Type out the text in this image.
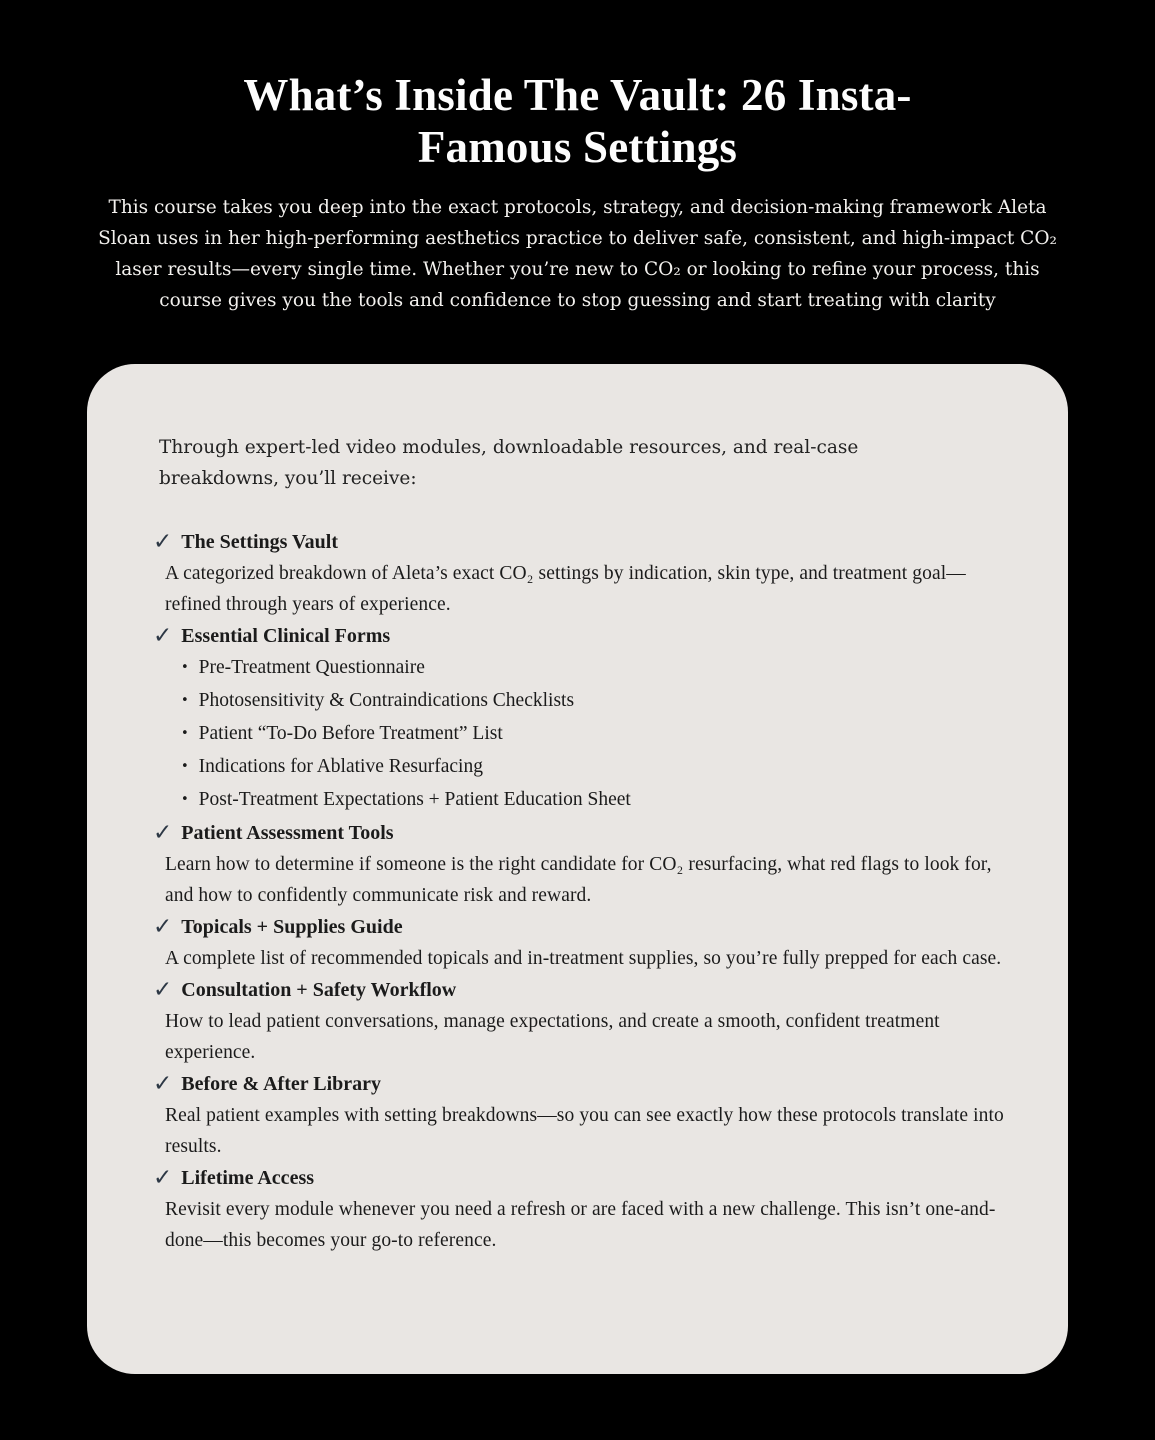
What’s Inside The Vault: 26 Insta-Famous Settings

This course takes you deep into the exact protocols, strategy, and decision-making framework Aleta Sloan uses in her high-performing aesthetics practice to deliver safe, consistent, and high-impact CO₂ laser results—every single time. Whether you’re new to CO₂ or looking to refine your process, this course gives you the tools and confidence to stop guessing and start treating with clarity

Through expert-led video modules, downloadable resources, and real-case breakdowns, you’ll receive:

✓ The Settings Vault

A categorized breakdown of Aleta’s exact CO₂ settings by indication, skin type, and treatment goal—refined through years of experience.

✓ Essential Clinical Forms
• Pre-Treatment Questionnaire
• Photosensitivity & Contraindications Checklists
• Patient “To-Do Before Treatment” List
• Indications for Ablative Resurfacing
• Post-Treatment Expectations + Patient Education Sheet
✓ Patient Assessment Tools

Learn how to determine if someone is the right candidate for CO₂ resurfacing, what red flags to look for, and how to confidently communicate risk and reward.

✓ Topicals + Supplies Guide

A complete list of recommended topicals and in-treatment supplies, so you’re fully prepped for each case.

✓ Consultation + Safety Workflow

How to lead patient conversations, manage expectations, and create a smooth, confident treatment experience.

✓ Before & After Library

Real patient examples with setting breakdowns—so you can see exactly how these protocols translate into results.

✓ Lifetime Access

Revisit every module whenever you need a refresh or are faced with a new challenge. This isn’t one-and-done—this becomes your go-to reference.
